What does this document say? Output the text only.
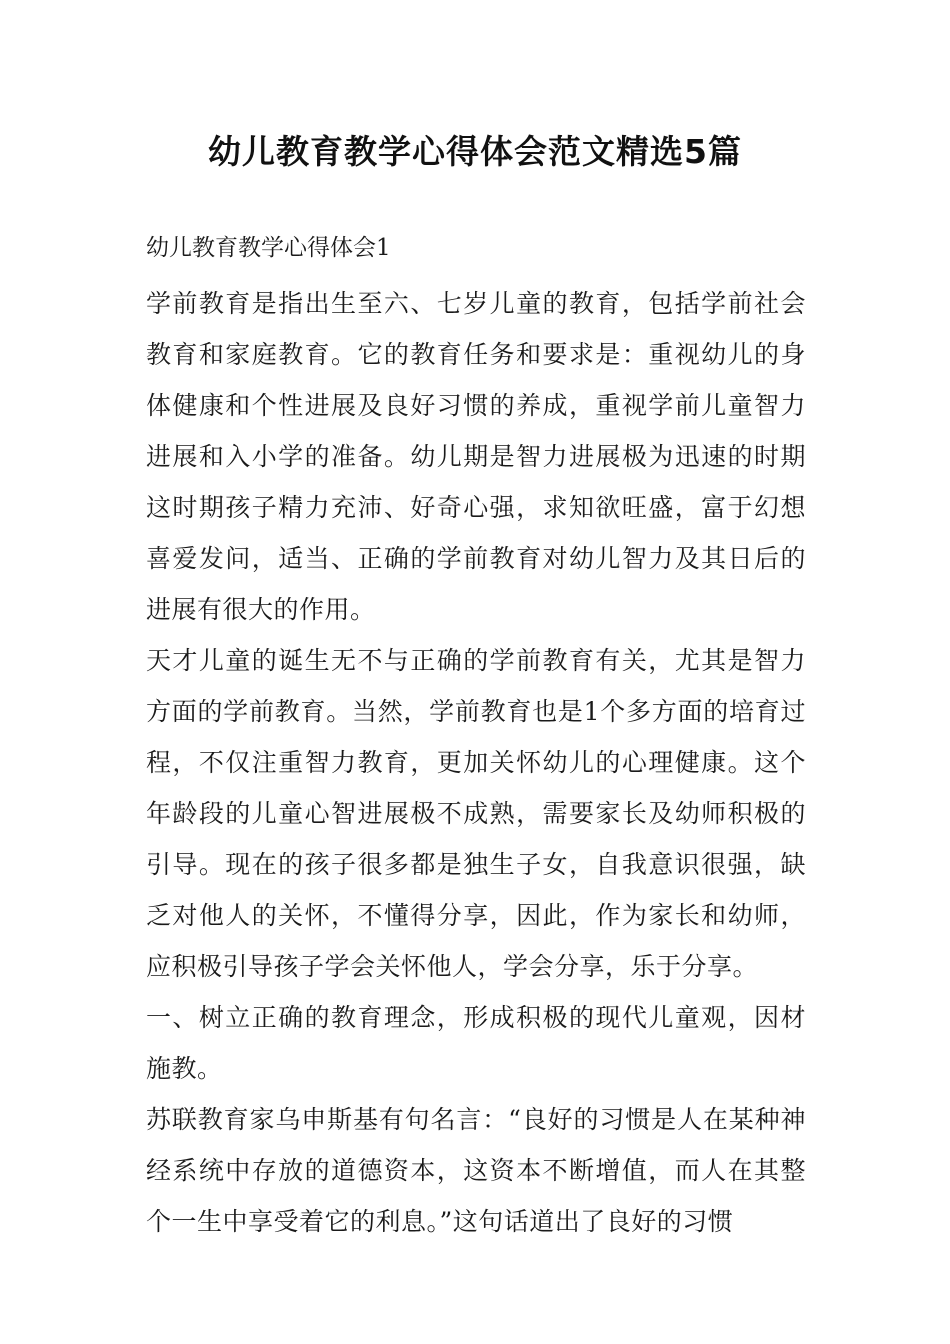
幼儿教育教学心得体会范文精选5篇

幼儿教育教学心得体会1

学前教育是指出生至六、七岁儿童的教育，包括学前社会教育和家庭教育。它的教育任务和要求是：重视幼儿的身体健康和个性进展及良好习惯的养成，重视学前儿童智力进展和入小学的准备。幼儿期是智力进展极为迅速的时期这时期孩子精力充沛、好奇心强，求知欲旺盛，富于幻想喜爱发问，适当、正确的学前教育对幼儿智力及其日后的进展有很大的作用。

天才儿童的诞生无不与正确的学前教育有关，尤其是智力方面的学前教育。当然，学前教育也是1个多方面的培育过程，不仅注重智力教育，更加关怀幼儿的心理健康。这个年龄段的儿童心智进展极不成熟，需要家长及幼师积极的引导。现在的孩子很多都是独生子女，自我意识很强，缺乏对他人的关怀，不懂得分享，因此，作为家长和幼师，应积极引导孩子学会关怀他人，学会分享，乐于分享。

一、树立正确的教育理念，形成积极的现代儿童观，因材施教。

苏联教育家乌申斯基有句名言：“良好的习惯是人在某种神经系统中存放的道德资本，这资本不断增值，而人在其整个一生中享受着它的利息。”这句话道出了良好的习惯
